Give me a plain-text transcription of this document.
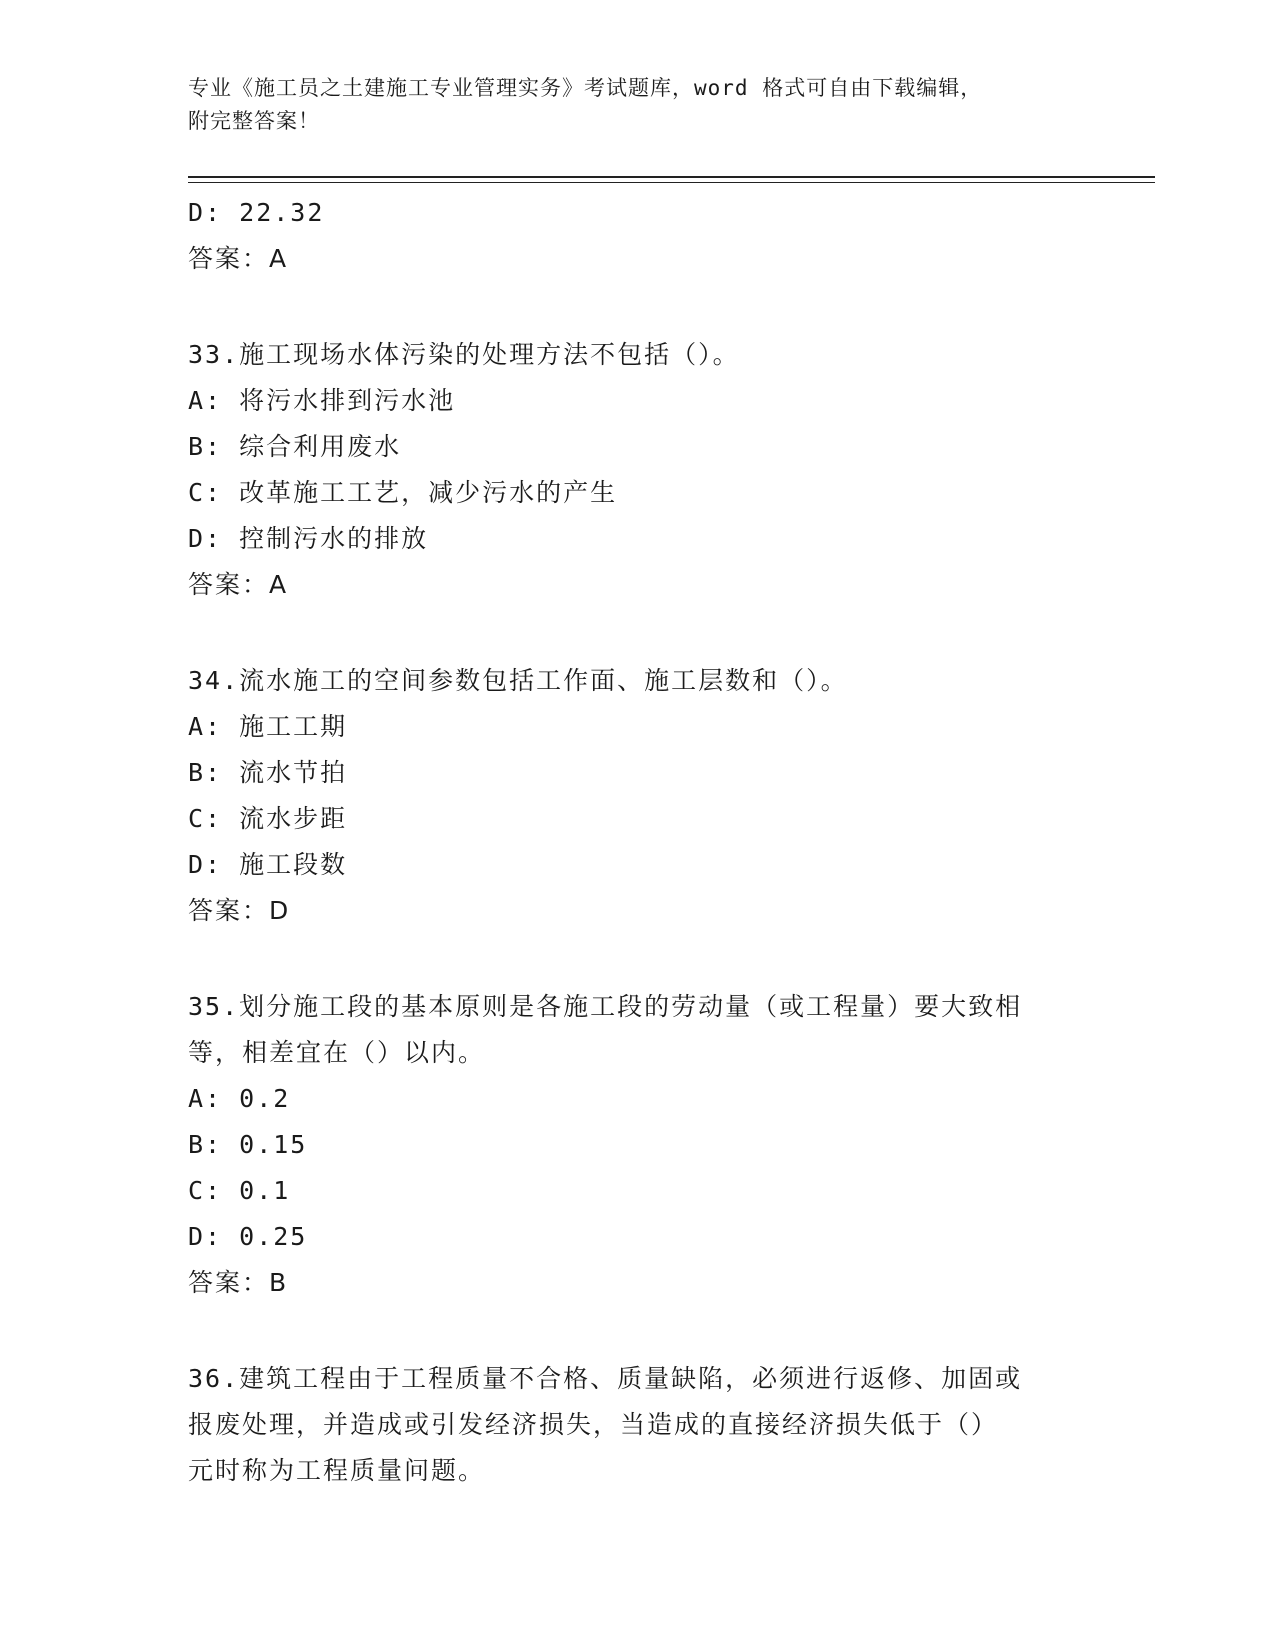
专业《施工员之土建施工专业管理实务》考试题库，word 格式可自由下载编辑，
附完整答案！
D: 22.32
答案：A
33.施工现场水体污染的处理方法不包括（）。
A: 将污水排到污水池
B: 综合利用废水
C: 改革施工工艺，减少污水的产生
D: 控制污水的排放
答案：A
34.流水施工的空间参数包括工作面、施工层数和（）。
A: 施工工期
B: 流水节拍
C: 流水步距
D: 施工段数
答案：D
35.划分施工段的基本原则是各施工段的劳动量（或工程量）要大致相
等，相差宜在（）以内。
A: 0.2
B: 0.15
C: 0.1
D: 0.25
答案：B
36.建筑工程由于工程质量不合格、质量缺陷，必须进行返修、加固或
报废处理，并造成或引发经济损失，当造成的直接经济损失低于（）
元时称为工程质量问题。
